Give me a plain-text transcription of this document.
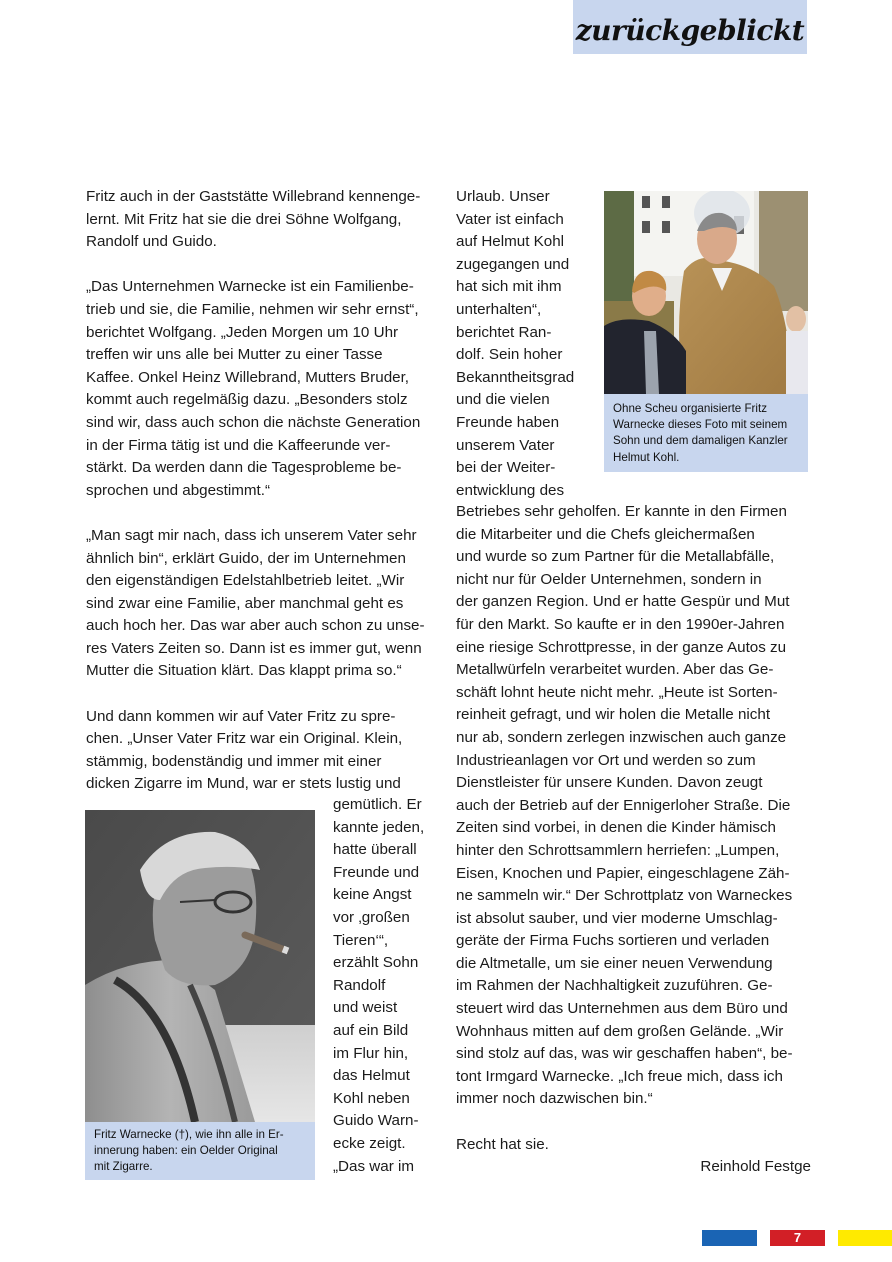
zurückgeblickt
Fritz auch in der Gaststätte Willebrand kennenge-
lernt. Mit Fritz hat sie die drei Söhne Wolfgang,
Randolf und Guido.
„Das Unternehmen Warnecke ist ein Familienbe-
trieb und sie, die Familie, nehmen wir sehr ernst“,
berichtet Wolfgang. „Jeden Morgen um 10 Uhr
treffen wir uns alle bei Mutter zu einer Tasse
Kaffee. Onkel Heinz Willebrand, Mutters Bruder,
kommt auch regelmäßig dazu. „Besonders stolz
sind wir, dass auch schon die nächste Generation
in der Firma tätig ist und die Kaffeerunde ver-
stärkt. Da werden dann die Tagesprobleme be-
sprochen und abgestimmt.“
„Man sagt mir nach, dass ich unserem Vater sehr
ähnlich bin“, erklärt Guido, der im Unternehmen
den eigenständigen Edelstahlbetrieb leitet. „Wir
sind zwar eine Familie, aber manchmal geht es
auch hoch her. Das war aber auch schon zu unse-
res Vaters Zeiten so. Dann ist es immer gut, wenn
Mutter die Situation klärt. Das klappt prima so.“
Und dann kommen wir auf Vater Fritz zu spre-
chen. „Unser Vater Fritz war ein Original. Klein,
stämmig, bodenständig und immer mit einer
dicken Zigarre im Mund, war er stets lustig und
gemütlich. Er
kannte jeden,
hatte überall
Freunde und
keine Angst
vor ‚großen
Tieren‘“,
erzählt Sohn
Randolf
und weist
auf ein Bild
im Flur hin,
das Helmut
Kohl neben
Guido Warn-
ecke zeigt.
„Das war im
Fritz Warnecke (†), wie ihn alle in Er-
innerung haben: ein Oelder Original
mit Zigarre.
Urlaub. Unser
Vater ist einfach
auf Helmut Kohl
zugegangen und
hat sich mit ihm
unterhalten“,
berichtet Ran-
dolf. Sein hoher
Bekanntheitsgrad
und die vielen
Freunde haben
unserem Vater
bei der Weiter-
entwicklung des
Ohne Scheu organisierte Fritz
Warnecke dieses Foto mit seinem
Sohn und dem damaligen Kanzler
Helmut Kohl.
Betriebes sehr geholfen. Er kannte in den Firmen
die Mitarbeiter und die Chefs gleichermaßen
und wurde so zum Partner für die Metallabfälle,
nicht nur für Oelder Unternehmen, sondern in
der ganzen Region. Und er hatte Gespür und Mut
für den Markt. So kaufte er in den 1990er-Jahren
eine riesige Schrottpresse, in der ganze Autos zu
Metallwürfeln verarbeitet wurden. Aber das Ge-
schäft lohnt heute nicht mehr. „Heute ist Sorten-
reinheit gefragt, und wir holen die Metalle nicht
nur ab, sondern zerlegen inzwischen auch ganze
Industrieanlagen vor Ort und werden so zum
Dienstleister für unsere Kunden. Davon zeugt
auch der Betrieb auf der Ennigerloher Straße. Die
Zeiten sind vorbei, in denen die Kinder hämisch
hinter den Schrottsammlern herriefen: „Lumpen,
Eisen, Knochen und Papier, eingeschlagene Zäh-
ne sammeln wir.“ Der Schrottplatz von Warneckes
ist absolut sauber, und vier moderne Umschlag-
geräte der Firma Fuchs sortieren und verladen
die Altmetalle, um sie einer neuen Verwendung
im Rahmen der Nachhaltigkeit zuzuführen. Ge-
steuert wird das Unternehmen aus dem Büro und
Wohnhaus mitten auf dem großen Gelände. „Wir
sind stolz auf das, was wir geschaffen haben“, be-
tont Irmgard Warnecke. „Ich freue mich, dass ich
immer noch dazwischen bin.“
Recht hat sie.
Reinhold Festge
7
